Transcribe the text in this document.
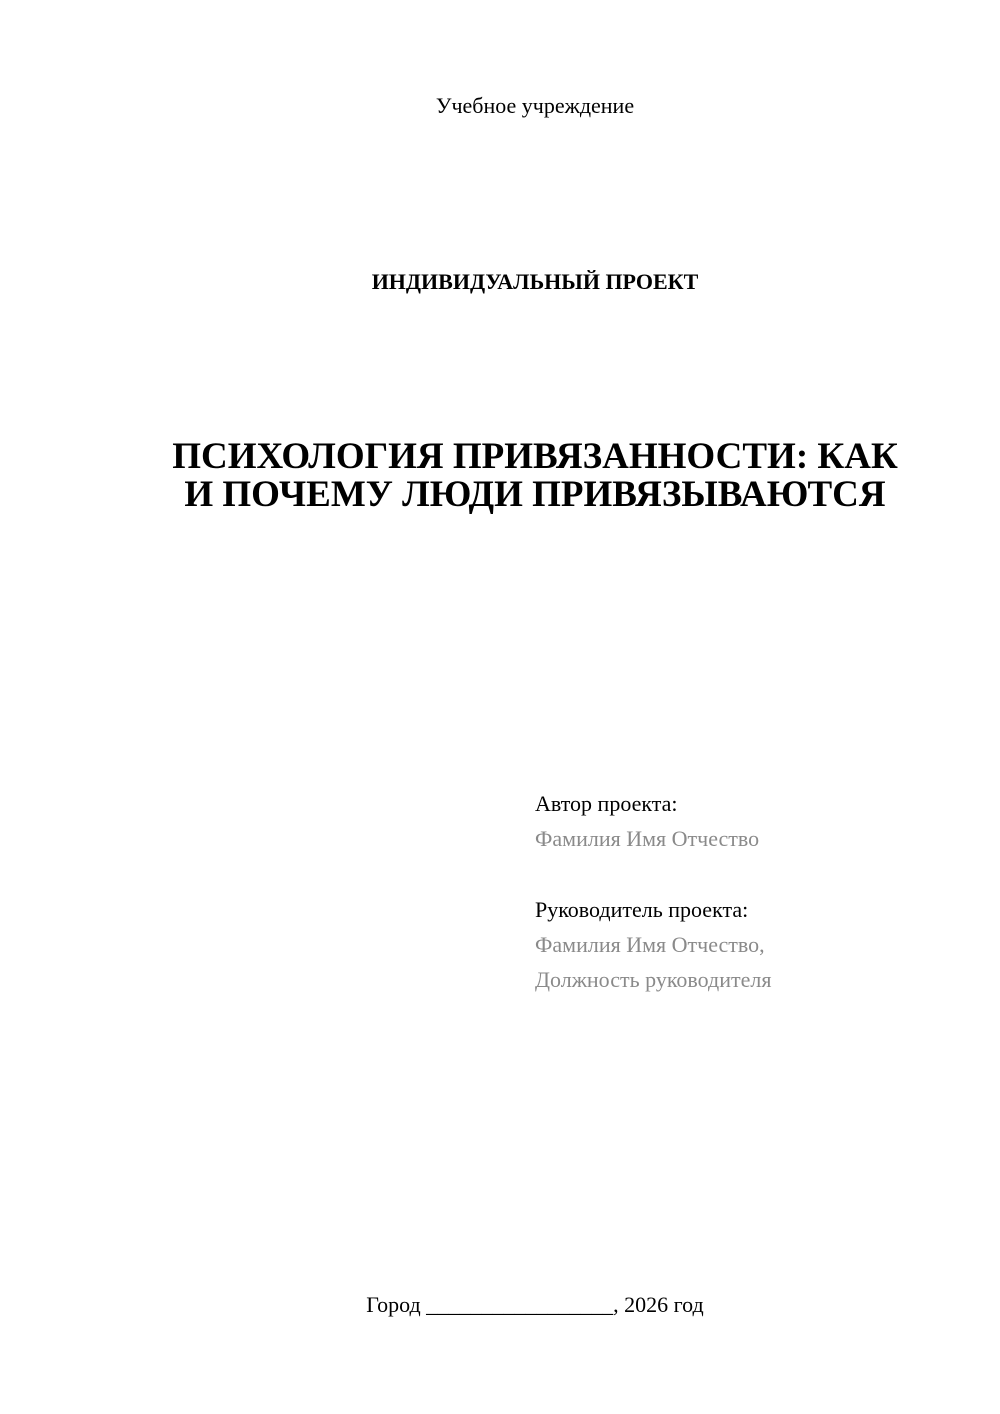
Учебное учреждение
ИНДИВИДУАЛЬНЫЙ ПРОЕКТ
ПСИХОЛОГИЯ ПРИВЯЗАННОСТИ: КАК
И ПОЧЕМУ ЛЮДИ ПРИВЯЗЫВАЮТСЯ
Автор проекта:
Фамилия Имя Отчество
Руководитель проекта:
Фамилия Имя Отчество,
Должность руководителя
Город _________________, 2026 год
